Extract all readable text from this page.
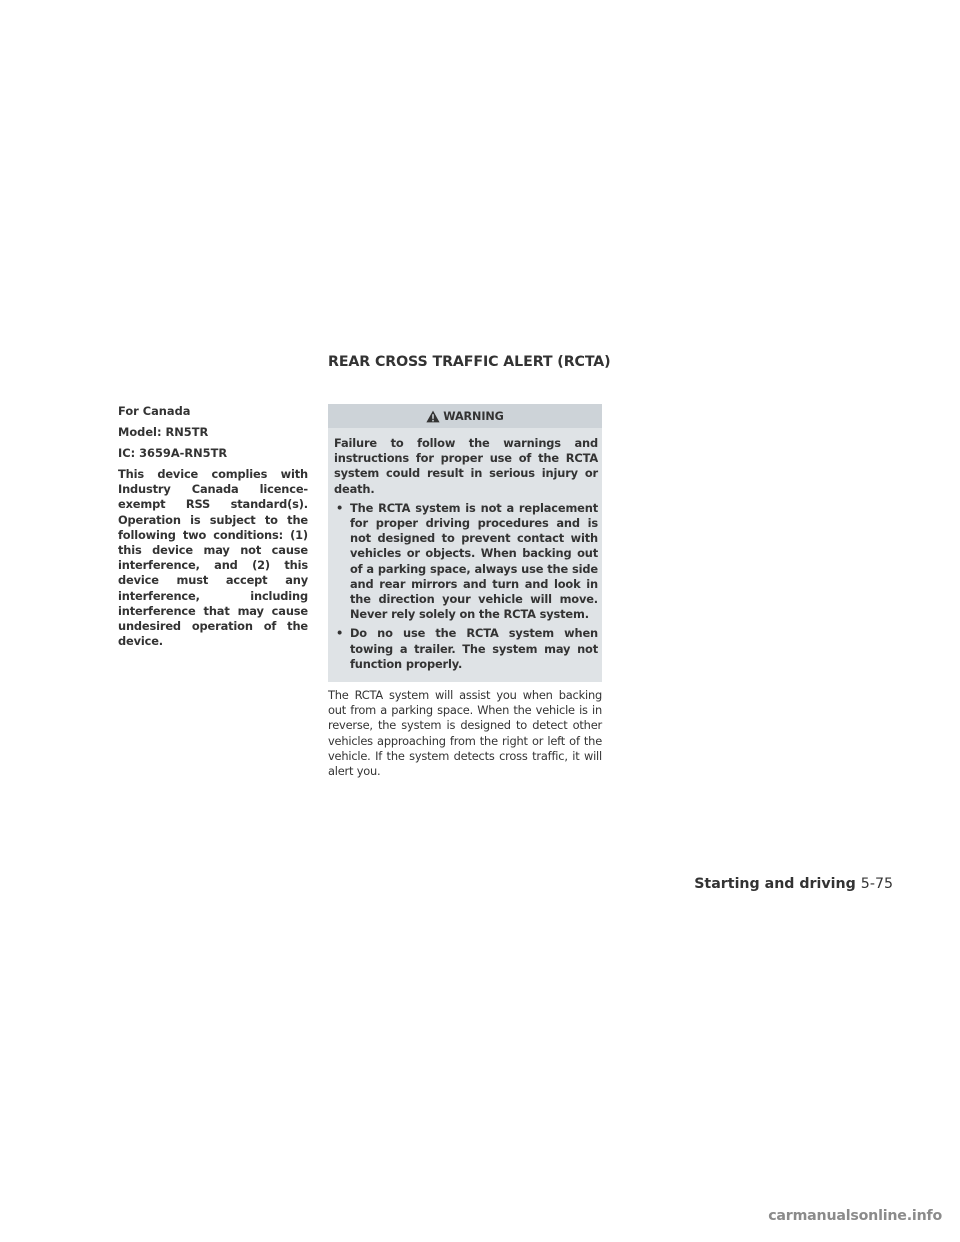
REAR CROSS TRAFFIC ALERT (RCTA)

For Canada

Model: RN5TR

IC: 3659A-RN5TR

This device complies with Industry Canada licence-exempt RSS standard(s). Operation is subject to the following two conditions: (1) this device may not cause interference, and (2) this device must accept any interference, including interference that may cause undesired operation of the device.

WARNING

Failure to follow the warnings and instructions for proper use of the RCTA system could result in serious injury or death.

• The RCTA system is not a replacement for proper driving procedures and is not designed to prevent contact with vehicles or objects. When backing out of a parking space, always use the side and rear mirrors and turn and look in the direction your vehicle will move. Never rely solely on the RCTA system.
• Do no use the RCTA system when towing a trailer. The system may not function properly.
The RCTA system will assist you when backing out from a parking space. When the vehicle is in reverse, the system is designed to detect other vehicles approaching from the right or left of the vehicle. If the system detects cross traffic, it will alert you.
Starting and driving 5-75
carmanualsonline.info
